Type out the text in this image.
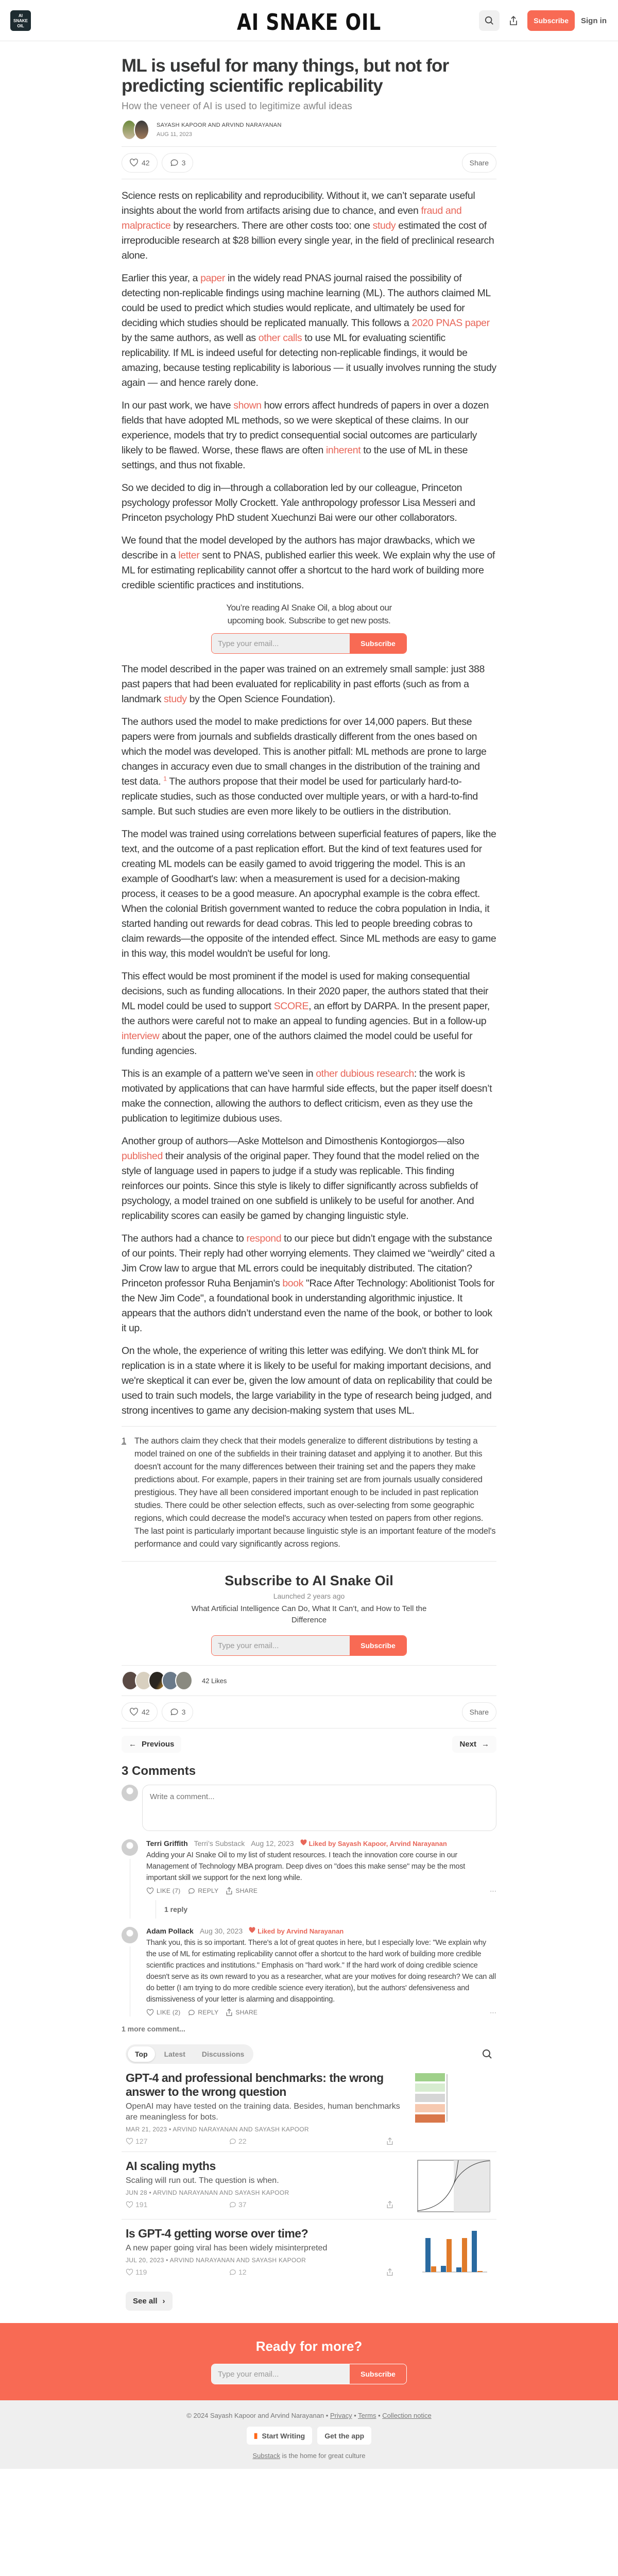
AI
SNAKE
OIL	AI SNAKE OIL	Subscribe	Sign in
ML is useful for many things, but not for predicting scientific replicability
How the veneer of AI is used to legitimize awful ideas
SAYASH KAPOOR AND ARVIND NARAYANAN
AUG 11, 2023
42	3	Share

Science rests on replicability and reproducibility. Without it, we can’t separate useful insights about the world from artifacts arising due to chance, and even fraud and malpractice by researchers. There are other costs too: one study estimated the cost of irreproducible research at $28 billion every single year, in the field of preclinical research alone.

Earlier this year, a paper in the widely read PNAS journal raised the possibility of detecting non-replicable findings using machine learning (ML). The authors claimed ML could be used to predict which studies would replicate, and ultimately be used for deciding which studies should be replicated manually. This follows a 2020 PNAS paper by the same authors, as well as other calls to use ML for evaluating scientific replicability. If ML is indeed useful for detecting non-replicable findings, it would be amazing, because testing replicability is laborious — it usually involves running the study again — and hence rarely done.

In our past work, we have shown how errors affect hundreds of papers in over a dozen fields that have adopted ML methods, so we were skeptical of these claims. In our experience, models that try to predict consequential social outcomes are particularly likely to be flawed. Worse, these flaws are often inherent to the use of ML in these settings, and thus not fixable.

So we decided to dig in—through a collaboration led by our colleague, Princeton psychology professor Molly Crockett. Yale anthropology professor Lisa Messeri and Princeton psychology PhD student Xuechunzi Bai were our other collaborators.

We found that the model developed by the authors has major drawbacks, which we describe in a letter sent to PNAS, published earlier this week. We explain why the use of ML for estimating replicability cannot offer a shortcut to the hard work of building more credible scientific practices and institutions.

You’re reading AI Snake Oil, a blog about our upcoming book. Subscribe to get new posts.
Type your email...
Subscribe

The model described in the paper was trained on an extremely small sample: just 388 past papers that had been evaluated for replicability in past efforts (such as from a landmark study by the Open Science Foundation).

The authors used the model to make predictions for over 14,000 papers. But these papers were from journals and subfields drastically different from the ones based on which the model was developed. This is another pitfall: ML methods are prone to large changes in accuracy even due to small changes in the distribution of the training and test data. $^1$ The authors propose that their model be used for particularly hard-to-replicate studies, such as those conducted over multiple years, or with a hard-to-find sample. But such studies are even more likely to be outliers in the distribution.

The model was trained using correlations between superficial features of papers, like the text, and the outcome of a past replication effort. But the kind of text features used for creating ML models can be easily gamed to avoid triggering the model. This is an example of Goodhart's law: when a measurement is used for a decision-making process, it ceases to be a good measure. An apocryphal example is the cobra effect. When the colonial British government wanted to reduce the cobra population in India, it started handing out rewards for dead cobras. This led to people breeding cobras to claim rewards—the opposite of the intended effect. Since ML methods are easy to game in this way, this model wouldn't be useful for long.

This effect would be most prominent if the model is used for making consequential decisions, such as funding allocations. In their 2020 paper, the authors stated that their ML model could be used to support SCORE, an effort by DARPA. In the present paper, the authors were careful not to make an appeal to funding agencies. But in a follow-up interview about the paper, one of the authors claimed the model could be useful for funding agencies.

This is an example of a pattern we’ve seen in other dubious research: the work is motivated by applications that can have harmful side effects, but the paper itself doesn’t make the connection, allowing the authors to deflect criticism, even as they use the publication to legitimize dubious uses.

Another group of authors—Aske Mottelson and Dimosthenis Kontogiorgos—also published their analysis of the original paper. They found that the model relied on the style of language used in papers to judge if a study was replicable. This finding reinforces our points. Since this style is likely to differ significantly across subfields of psychology, a model trained on one subfield is unlikely to be useful for another. And replicability scores can easily be gamed by changing linguistic style.

The authors had a chance to respond to our piece but didn’t engage with the substance of our points. Their reply had other worrying elements. They claimed we “weirdly” cited a Jim Crow law to argue that ML errors could be inequitably distributed. The citation? Princeton professor Ruha Benjamin's book "Race After Technology: Abolitionist Tools for the New Jim Code", a foundational book in understanding algorithmic injustice. It appears that the authors didn’t understand even the name of the book, or bother to look it up.

On the whole, the experience of writing this letter was edifying. We don't think ML for replication is in a state where it is likely to be useful for making important decisions, and we're skeptical it can ever be, given the low amount of data on replicability that could be used to train such models, the large variability in the type of research being judged, and strong incentives to game any decision-making system that uses ML.

1 The authors claim they check that their models generalize to different distributions by testing a model trained on one of the subfields in their training dataset and applying it to another. But this doesn't account for the many differences between their training set and the papers they make predictions about. For example, papers in their training set are from journals usually considered prestigious. They have all been considered important enough to be included in past replication studies. There could be other selection effects, such as over-selecting from some geographic regions, which could decrease the model's accuracy when tested on papers from other regions. The last point is particularly important because linguistic style is an important feature of the model's performance and could vary significantly across regions.
Subscribe to AI Snake Oil
Launched 2 years ago
What Artificial Intelligence Can Do, What It Can’t, and How to Tell the Difference
Type your email...
Subscribe
42 Likes
42	3	Share
← Previous	Next →
3 Comments
Write a comment...
Terri Griffith Terri’s Substack Aug 12, 2023	Liked by Sayash Kapoor, Arvind Narayanan
Adding your AI Snake Oil to my list of student resources. I teach the innovation core course in our Management of Technology MBA program. Deep dives on "does this make sense" may be the most important skill we support for the next long while.
LIKE (7)	REPLY	SHARE	···
1 reply
Adam Pollack Aug 30, 2023	Liked by Arvind Narayanan
Thank you, this is so important. There's a lot of great quotes in here, but I especially love: "We explain why the use of ML for estimating replicability cannot offer a shortcut to the hard work of building more credible scientific practices and institutions." Emphasis on "hard work." If the hard work of doing credible science doesn't serve as its own reward to you as a researcher, what are your motives for doing research? We can all do better (I am trying to do more credible science every iteration), but the authors' defensiveness and dismissiveness of your letter is alarming and disappointing.
LIKE (2)	REPLY	SHARE	···
1 more comment...
Top	Latest	Discussions
GPT-4 and professional benchmarks: the wrong answer to the wrong question
OpenAI may have tested on the training data. Besides, human benchmarks are meaningless for bots.
MAR 21, 2023 • ARVIND NARAYANAN AND SAYASH KAPOOR
127	22
AI scaling myths
Scaling will run out. The question is when.
JUN 28 • ARVIND NARAYANAN AND SAYASH KAPOOR
191	37
Is GPT-4 getting worse over time?
A new paper going viral has been widely misinterpreted
JUL 20, 2023 • ARVIND NARAYANAN AND SAYASH KAPOOR
119	12
See all ›
Ready for more?
Type your email...
Subscribe
© 2024 Sayash Kapoor and Arvind Narayanan • Privacy • Terms • Collection notice
▮ Start Writing	Get the app
Substack is the home for great culture
